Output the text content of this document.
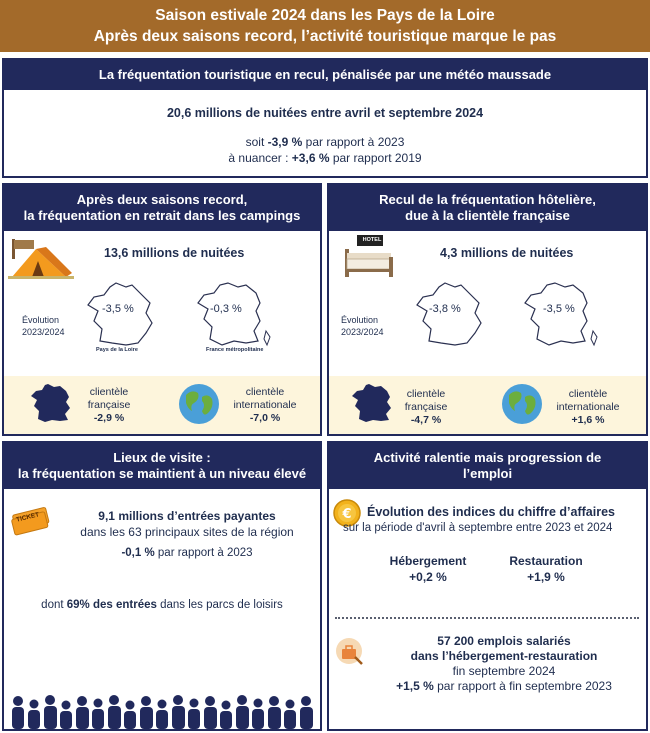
Saison estivale 2024 dans les Pays de la Loire
Après deux saisons record, l’activité touristique marque le pas
La fréquentation touristique en recul, pénalisée par une météo maussade
20,6 millions de nuitées entre avril et septembre 2024
soit -3,9 % par rapport à 2023
à nuancer : +3,6 % par rapport 2019
Après deux saisons record,
la fréquentation en retrait dans les campings
13,6 millions de nuitées
Évolution
2023/2024
-3,5 %
Pays de la Loire
-0,3 %
France métropolitaine
clientèle
française
-2,9 %
clientèle
internationale
-7,0 %
Recul de la fréquentation hôtelière,
due à la clientèle française
HOTEL
4,3 millions de nuitées
Évolution
2023/2024
-3,8 %	-3,5 %
clientèle
française
-4,7 %
clientèle
internationale
+1,6 %
Lieux de visite :
la fréquentation se maintient à un niveau élevé
TICKET	9,1 millions d’entrées payantes
dans les 63 principaux sites de la région
-0,1 % par rapport à 2023
dont 69% des entrées dans les parcs de loisirs
Activité ralentie mais progression de
l’emploi
€ Évolution des indices du chiffre d’affaires
sur la période d'avril à septembre entre 2023 et 2024
Hébergement
+0,2 %
Restauration
+1,9 %
57 200 emplois salariés
dans l’hébergement-restauration
fin septembre 2024
+1,5 % par rapport à fin septembre 2023
